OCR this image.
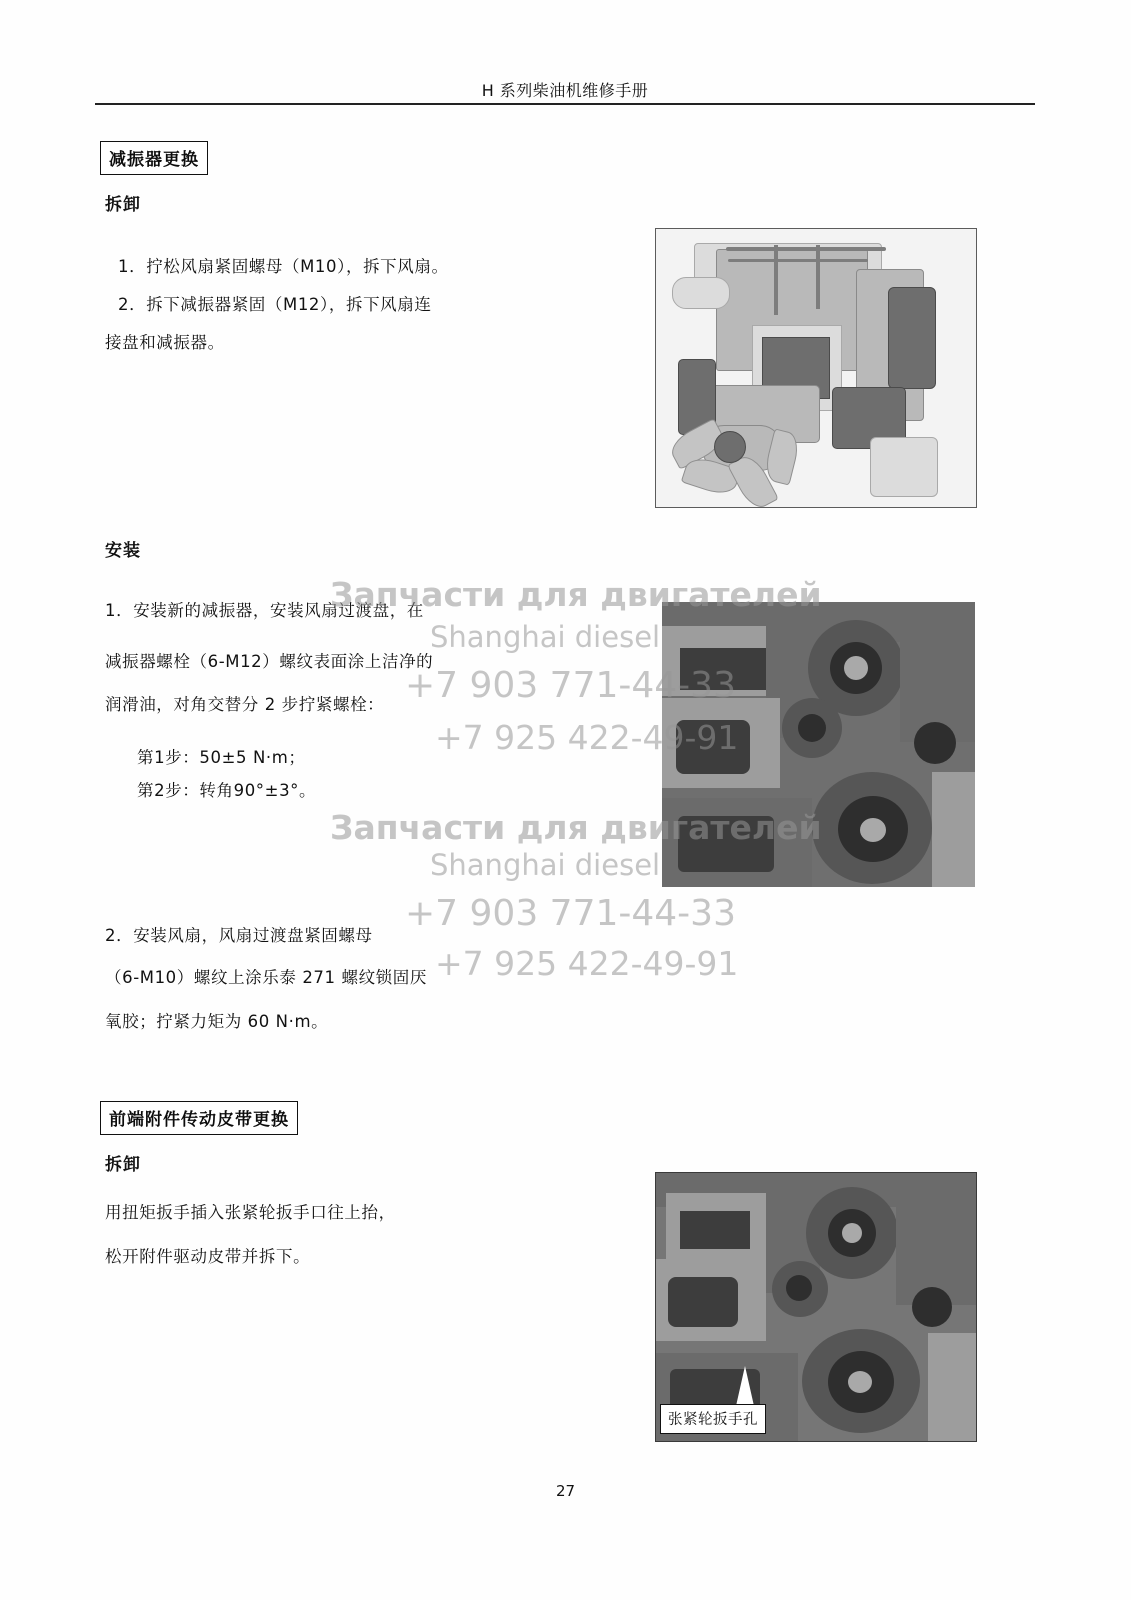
H 系列柴油机维修手册
减振器更换
拆卸
1．拧松风扇紧固螺母（M10），拆下风扇。
2．拆下减振器紧固（M12），拆下风扇连
接盘和减振器。
安装
1．安装新的减振器，安装风扇过渡盘，在
减振器螺栓（6-M12）螺纹表面涂上洁净的
润滑油，对角交替分 2 步拧紧螺栓：
第1步：50±5 N·m；
第2步：转角90°±3°。
2．安装风扇，风扇过渡盘紧固螺母
（6-M10）螺纹上涂乐泰 271 螺纹锁固厌
氧胶；拧紧力矩为 60 N·m。
前端附件传动皮带更换
拆卸
用扭矩扳手插入张紧轮扳手口往上抬，
松开附件驱动皮带并拆下。
张紧轮扳手孔
Запчасти для двигателей
Shanghai diesel
+7 903 771-44-33
+7 925 422-49-91
Запчасти для двигателей
Shanghai diesel
+7 903 771-44-33
+7 925 422-49-91
27
